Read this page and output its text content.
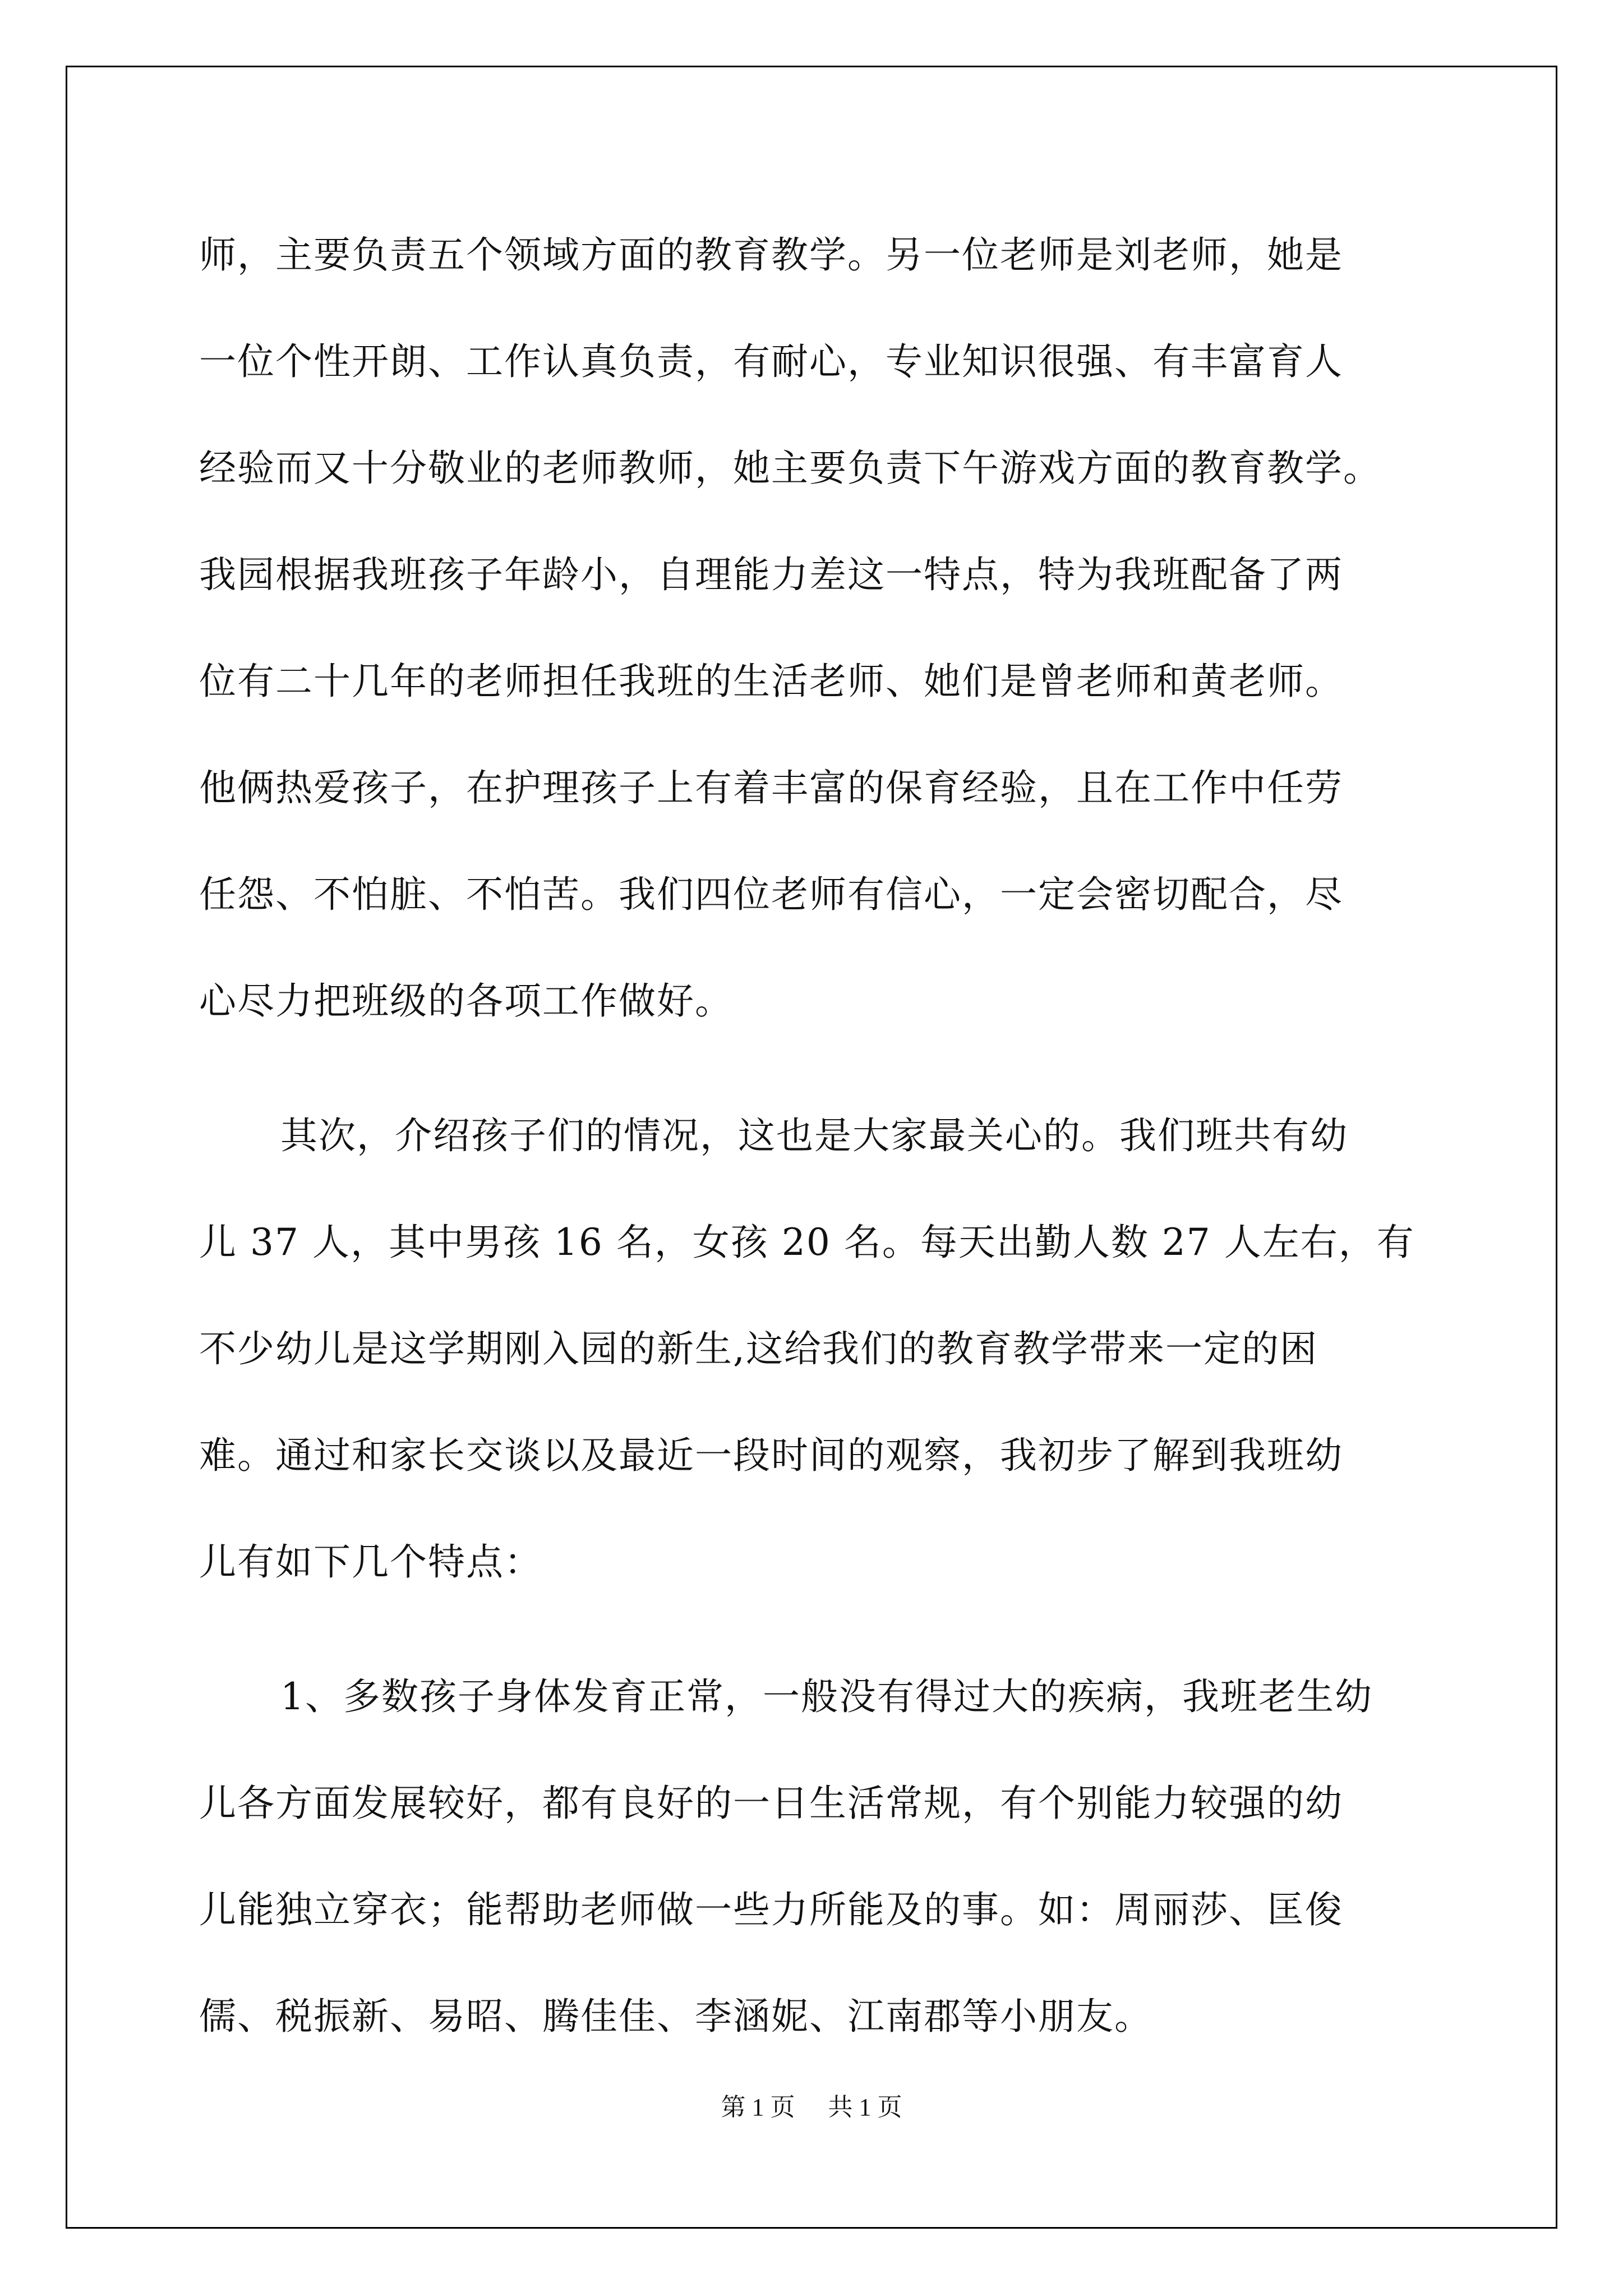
师，主要负责五个领域方面的教育教学。另一位老师是刘老师，她是
一位个性开朗、工作认真负责，有耐心，专业知识很强、有丰富育人
经验而又十分敬业的老师教师，她主要负责下午游戏方面的教育教学。
我园根据我班孩子年龄小，自理能力差这一特点，特为我班配备了两
位有二十几年的老师担任我班的生活老师、她们是曾老师和黄老师。
他俩热爱孩子，在护理孩子上有着丰富的保育经验，且在工作中任劳
任怨、不怕脏、不怕苦。我们四位老师有信心，一定会密切配合，尽
心尽力把班级的各项工作做好。
其次，介绍孩子们的情况，这也是大家最关心的。我们班共有幼
儿 37 人，其中男孩 16 名，女孩 20 名。每天出勤人数 27 人左右，有
不少幼儿是这学期刚入园的新生,这给我们的教育教学带来一定的困
难。通过和家长交谈以及最近一段时间的观察，我初步了解到我班幼
儿有如下几个特点：
1、多数孩子身体发育正常，一般没有得过大的疾病，我班老生幼
儿各方面发展较好，都有良好的一日生活常规，有个别能力较强的幼
儿能独立穿衣；能帮助老师做一些力所能及的事。如：周丽莎、匡俊
儒、税振新、易昭、腾佳佳、李涵妮、江南郡等小朋友。
第 1 页 共 1 页
